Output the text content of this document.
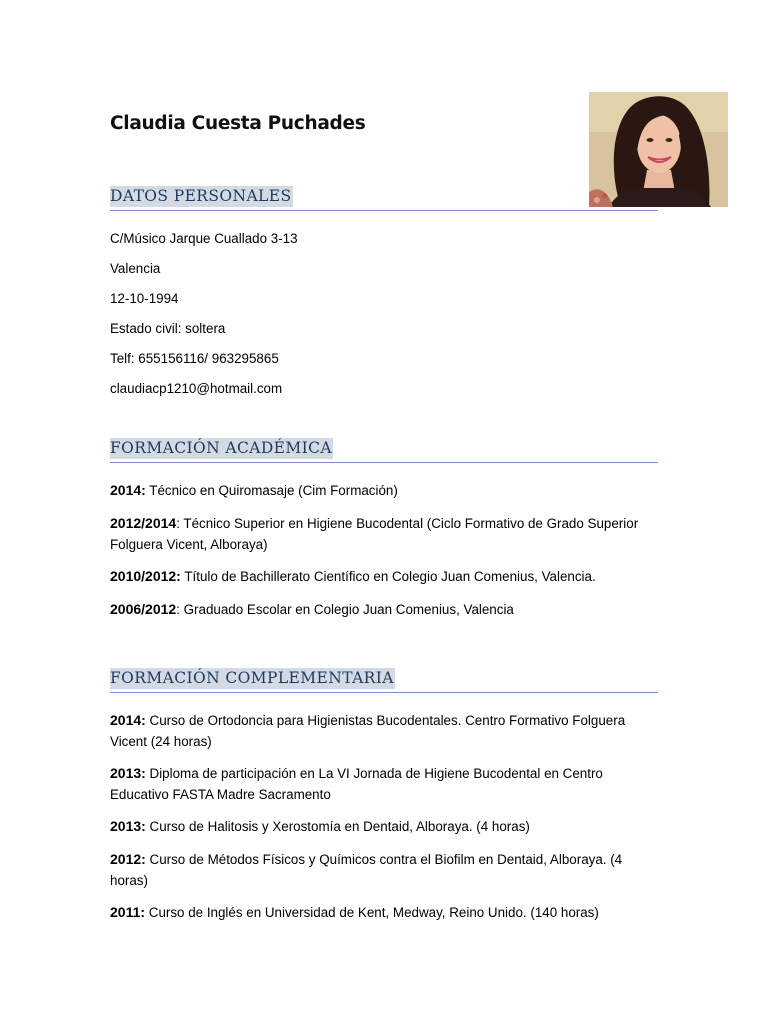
Claudia Cuesta Puchades
DATOS PERSONALES
C/Músico Jarque Cuallado 3-13
Valencia
12-10-1994
Estado civil: soltera
Telf: 655156116/ 963295865
claudiacp1210@hotmail.com
FORMACIÓN ACADÉMICA
2014: Técnico en Quiromasaje (Cim Formación)
2012/2014: Técnico Superior en Higiene Bucodental (Ciclo Formativo de Grado Superior Folguera Vicent, Alboraya)
2010/2012: Título de Bachillerato Científico en Colegio Juan Comenius, Valencia.
2006/2012: Graduado Escolar en Colegio Juan Comenius, Valencia
FORMACIÓN COMPLEMENTARIA
2014: Curso de Ortodoncia para Higienistas Bucodentales. Centro Formativo Folguera Vicent (24 horas)
2013: Diploma de participación en La VI Jornada de Higiene Bucodental en Centro Educativo FASTA Madre Sacramento
2013: Curso de Halitosis y Xerostomía en Dentaid, Alboraya. (4 horas)
2012: Curso de Métodos Físicos y Químicos contra el Biofilm en Dentaid, Alboraya. (4 horas)
2011: Curso de Inglés en Universidad de Kent, Medway, Reino Unido. (140 horas)
